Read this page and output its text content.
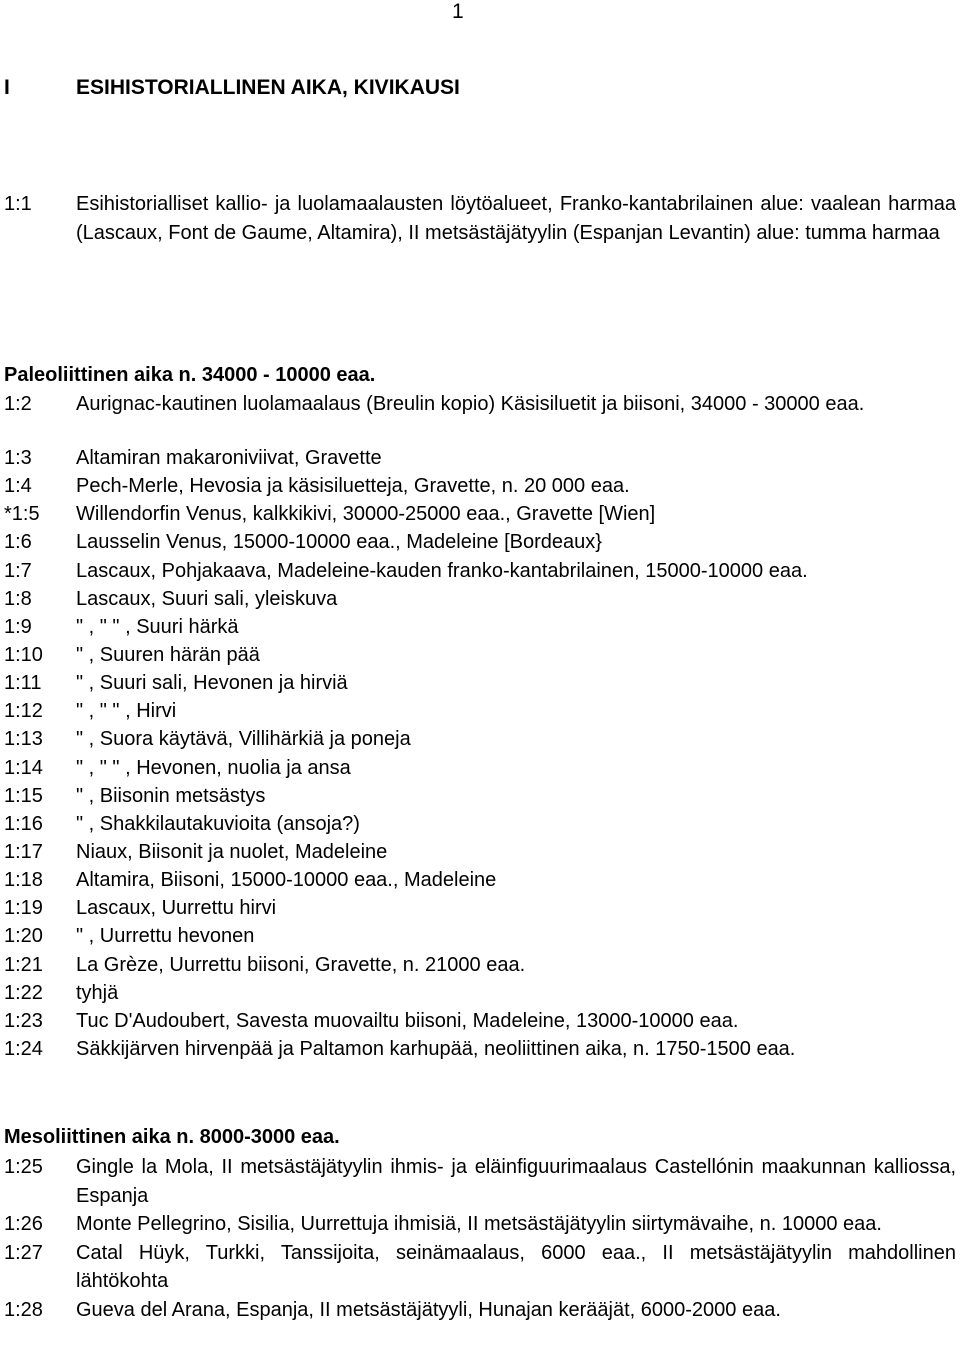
1
I	ESIHISTORIALLINEN AIKA, KIVIKAUSI
1:1 Esihistorialliset kallio- ja luolamaalausten löytöalueet, Franko-kantabrilainen alue: vaalean harmaa (Lascaux, Font de Gaume, Altamira), II metsästäjätyylin (Espanjan Levantin) alue: tumma harmaa
Paleoliittinen aika n. 34000 - 10000 eaa.
1:2 Aurignac-kautinen luolamaalaus (Breulin kopio) Käsisiluetit ja biisoni, 34000 - 30000 eaa.
1:3 Altamiran makaroniviivat, Gravette
1:4 Pech-Merle, Hevosia ja käsisiluetteja, Gravette, n. 20 000 eaa.
*1:5 Willendorfin Venus, kalkkikivi, 30000-25000 eaa., Gravette [Wien]
1:6 Lausselin Venus, 15000-10000 eaa., Madeleine [Bordeaux}
1:7 Lascaux, Pohjakaava, Madeleine-kauden franko-kantabrilainen, 15000-10000 eaa.
1:8 Lascaux, Suuri sali, yleiskuva
1:9 " , " " , Suuri härkä
1:10 " , Suuren härän pää
1:11 " , Suuri sali, Hevonen ja hirviä
1:12 " , " " , Hirvi
1:13 " , Suora käytävä, Villihärkiä ja poneja
1:14 " , " " , Hevonen, nuolia ja ansa
1:15 " , Biisonin metsästys
1:16 " , Shakkilautakuvioita (ansoja?)
1:17 Niaux, Biisonit ja nuolet, Madeleine
1:18 Altamira, Biisoni, 15000-10000 eaa., Madeleine
1:19 Lascaux, Uurrettu hirvi
1:20 " , Uurrettu hevonen
1:21 La Grèze, Uurrettu biisoni, Gravette, n. 21000 eaa.
1:22 tyhjä
1:23 Tuc D'Audoubert, Savesta muovailtu biisoni, Madeleine, 13000-10000 eaa.
1:24 Säkkijärven hirvenpää ja Paltamon karhupää, neoliittinen aika, n. 1750-1500 eaa.
Mesoliittinen aika n. 8000-3000 eaa.
1:25 Gingle la Mola, II metsästäjätyylin ihmis- ja eläinfiguurimaalaus Castellónin maakunnan kalliossa, Espanja
1:26 Monte Pellegrino, Sisilia, Uurrettuja ihmisiä, II metsästäjätyylin siirtymävaihe, n. 10000 eaa.
1:27 Catal Hüyk, Turkki, Tanssijoita, seinämaalaus, 6000 eaa., II metsästäjätyylin mahdollinen lähtökohta
1:28 Gueva del Arana, Espanja, II metsästäjätyyli, Hunajan kerääjät, 6000-2000 eaa.
